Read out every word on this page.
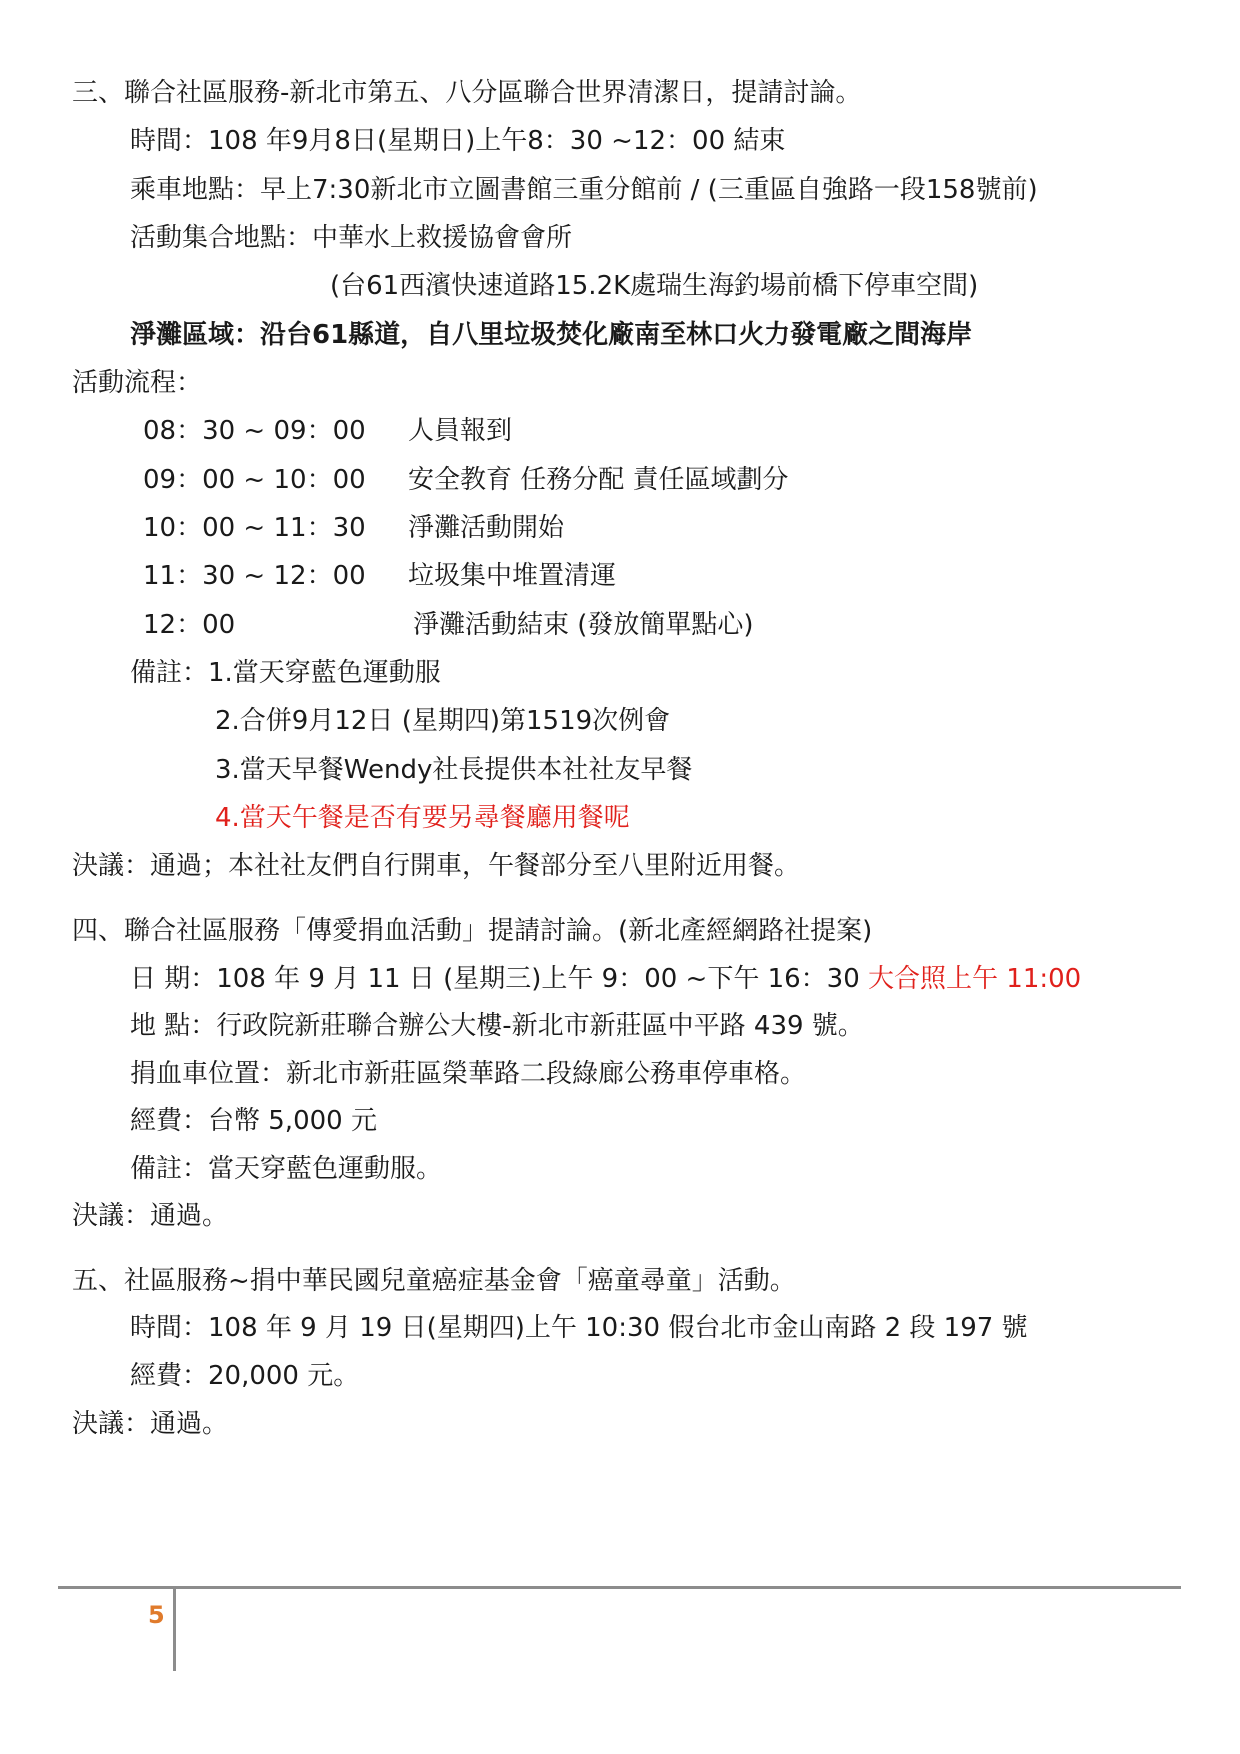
三、聯合社區服務-新北市第五、八分區聯合世界清潔日，提請討論。
時間：108 年9月8日(星期日)上午8：30 ~12：00 結束
乘車地點：早上7:30新北市立圖書館三重分館前 / (三重區自強路一段158號前)
活動集合地點：中華水上救援協會會所
(台61西濱快速道路15.2K處瑞生海釣場前橋下停車空間)
淨灘區域：沿台61縣道，自八里垃圾焚化廠南至林口火力發電廠之間海岸
活動流程：
08：30 ~ 09：00 人員報到
09：00 ~ 10：00 安全教育 任務分配 責任區域劃分
10：00 ~ 11：30 淨灘活動開始
11：30 ~ 12：00 垃圾集中堆置清運
12：00	淨灘活動結束 (發放簡單點心)
備註：1.當天穿藍色運動服
2.合併9月12日 (星期四)第1519次例會
3.當天早餐Wendy社長提供本社社友早餐
4.當天午餐是否有要另尋餐廳用餐呢
決議：通過；本社社友們自行開車，午餐部分至八里附近用餐。
四、聯合社區服務「傳愛捐血活動」提請討論。(新北產經網路社提案)
日 期：108 年 9 月 11 日 (星期三)上午 9：00 ~下午 16：30 大合照上午 11:00
地 點：行政院新莊聯合辦公大樓-新北市新莊區中平路 439 號。
捐血車位置：新北市新莊區榮華路二段綠廊公務車停車格。
經費：台幣 5,000 元
備註：當天穿藍色運動服。
決議：通過。
五、社區服務~捐中華民國兒童癌症基金會「癌童尋童」活動。
時間：108 年 9 月 19 日(星期四)上午 10:30 假台北市金山南路 2 段 197 號
經費：20,000 元。
決議：通過。
5
